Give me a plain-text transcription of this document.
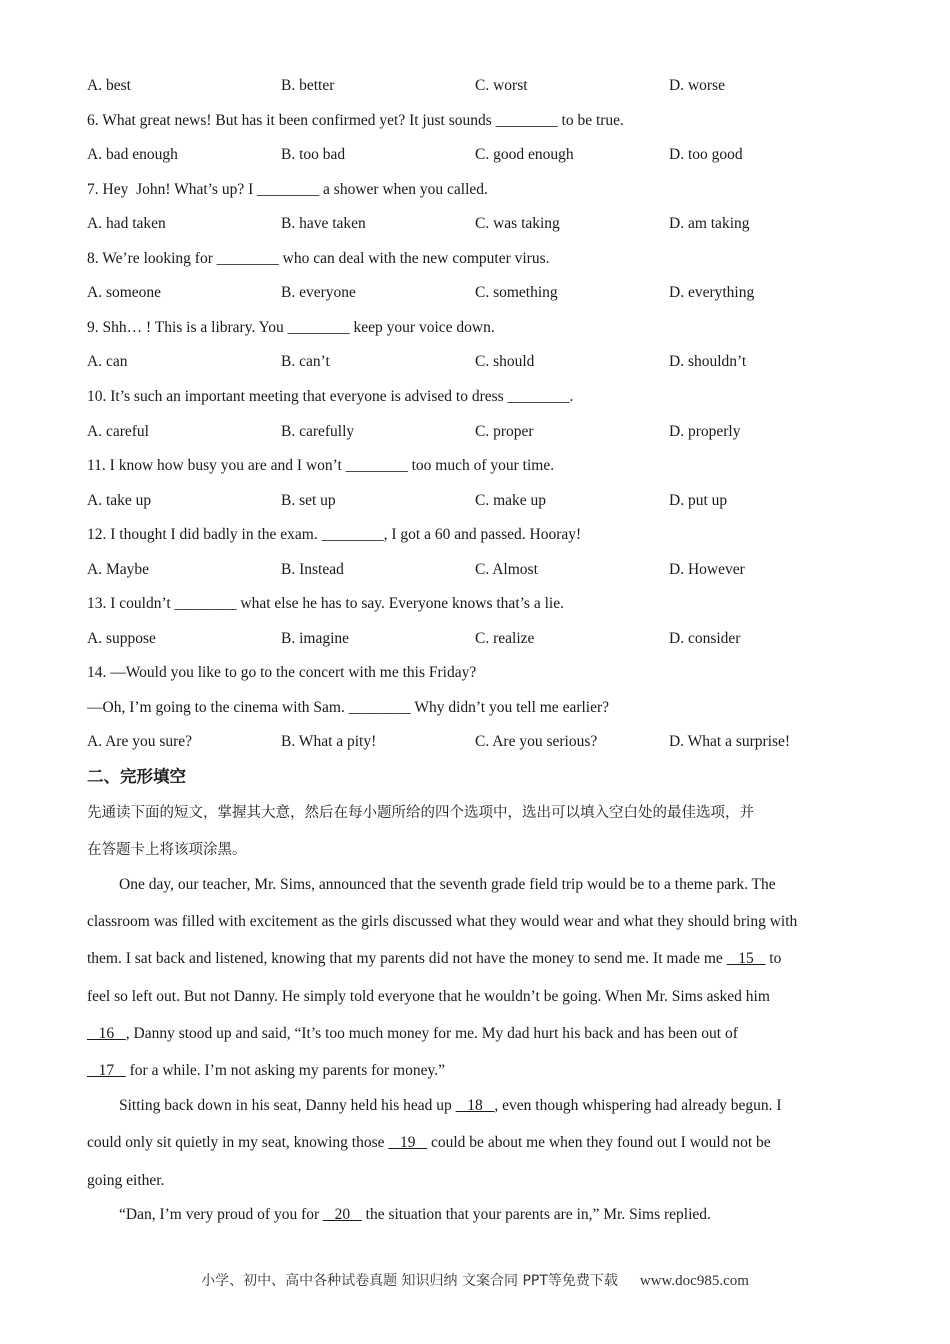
A. best	B. better	C. worst	D. worse
6. What great news! But has it been confirmed yet? It just sounds ________ to be true.
A. bad enough	B. too bad	C. good enough	D. too good
7. Hey  John! What’s up? I ________ a shower when you called.
A. had taken	B. have taken	C. was taking	D. am taking
8. We’re looking for ________ who can deal with the new computer virus.
A. someone	B. everyone	C. something	D. everything
9. Shh… ! This is a library. You ________ keep your voice down.
A. can	B. can’t	C. should	D. shouldn’t
10. It’s such an important meeting that everyone is advised to dress ________.
A. careful	B. carefully	C. proper	D. properly
11. I know how busy you are and I won’t ________ too much of your time.
A. take up	B. set up	C. make up	D. put up
12. I thought I did badly in the exam. ________, I got a 60 and passed. Hooray!
A. Maybe	B. Instead	C. Almost	D. However
13. I couldn’t ________ what else he has to say. Everyone knows that’s a lie.
A. suppose	B. imagine	C. realize	D. consider
14. —Would you like to go to the concert with me this Friday?
—Oh, I’m going to the cinema with Sam. ________ Why didn’t you tell me earlier?
A. Are you sure?	B. What a pity!	C. Are you serious?	D. What a surprise!
二、完形填空
先通读下面的短文，掌握其大意，然后在每小题所给的四个选项中，选出可以填入空白处的最佳选项，并
在答题卡上将该项涂黑。
One day, our teacher, Mr. Sims, announced that the seventh grade field trip would be to a theme park. The
classroom was filled with excitement as the girls discussed what they would wear and what they should bring with
them. I sat back and listened, knowing that my parents did not have the money to send me. It made me    15    to
feel so left out. But not Danny. He simply told everyone that he wouldn’t be going. When Mr. Sims asked him
16   , Danny stood up and said, “It’s too much money for me. My dad hurt his back and has been out of
17    for a while. I’m not asking my parents for money.”
Sitting back down in his seat, Danny held his head up    18   , even though whispering had already begun. I
could only sit quietly in my seat, knowing those    19    could be about me when they found out I would not be
going either.
“Dan, I’m very proud of you for    20    the situation that your parents are in,” Mr. Sims replied.
小学、初中、高中各种试卷真题 知识归纳 文案合同 PPT等免费下载 www.doc985.com
